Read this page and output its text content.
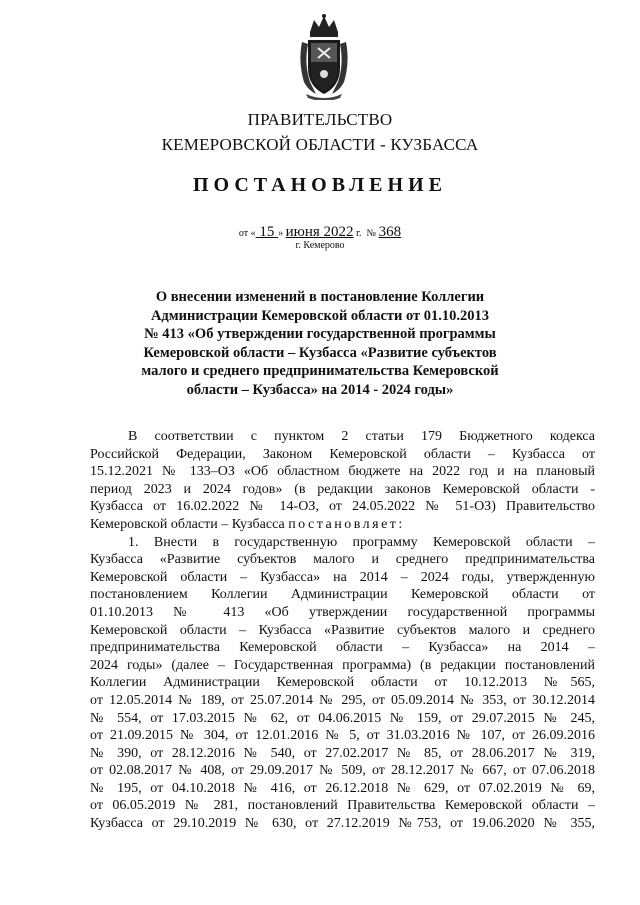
ПРАВИТЕЛЬСТВО
КЕМЕРОВСКОЙ ОБЛАСТИ - КУЗБАССА
ПОСТАНОВЛЕНИЕ
от « 15 » июня 2022 г. № 368
г. Кемерово
О внесении изменений в постановление Коллегии
Администрации Кемеровской области от 01.10.2013
№ 413 «Об утверждении государственной программы
Кемеровской области – Кузбасса «Развитие субъектов
малого и среднего предпринимательства Кемеровской
области – Кузбасса» на 2014 - 2024 годы»

В соответствии с пунктом 2 статьи 179 Бюджетного кодекса

Российской Федерации, Законом Кемеровской области – Кузбасса от

15.12.2021 № 133–ОЗ «Об областном бюджете на 2022 год и на плановый

период 2023 и 2024 годов» (в редакции законов Кемеровской области -

Кузбасса от 16.02.2022 № 14-ОЗ, от 24.05.2022 № 51-ОЗ) Правительство

Кемеровской области – Кузбасса постановляет:

1. Внести в государственную программу Кемеровской области –

Кузбасса «Развитие субъектов малого и среднего предпринимательства

Кемеровской области – Кузбасса» на 2014 – 2024 годы, утвержденную

постановлением Коллегии Администрации Кемеровской области от

01.10.2013 № 413 «Об утверждении государственной программы

Кемеровской области – Кузбасса «Развитие субъектов малого и среднего

предпринимательства Кемеровской области – Кузбасса» на 2014 –

2024 годы» (далее – Государственная программа) (в редакции постановлений

Коллегии Администрации Кемеровской области от 10.12.2013 №565,

от 12.05.2014 № 189, от 25.07.2014 № 295, от 05.09.2014 № 353, от 30.12.2014

№ 554, от 17.03.2015 № 62, от 04.06.2015 № 159, от 29.07.2015 № 245,

от 21.09.2015 № 304, от 12.01.2016 № 5, от 31.03.2016 № 107, от 26.09.2016

№ 390, от 28.12.2016 № 540, от 27.02.2017 № 85, от 28.06.2017 № 319,

от 02.08.2017 № 408, от 29.09.2017 № 509, от 28.12.2017 № 667, от 07.06.2018

№ 195, от 04.10.2018 № 416, от 26.12.2018 № 629, от 07.02.2019 № 69,

от 06.05.2019 № 281, постановлений Правительства Кемеровской области –

Кузбасса от 29.10.2019 № 630, от 27.12.2019 №753, от 19.06.2020 № 355,
